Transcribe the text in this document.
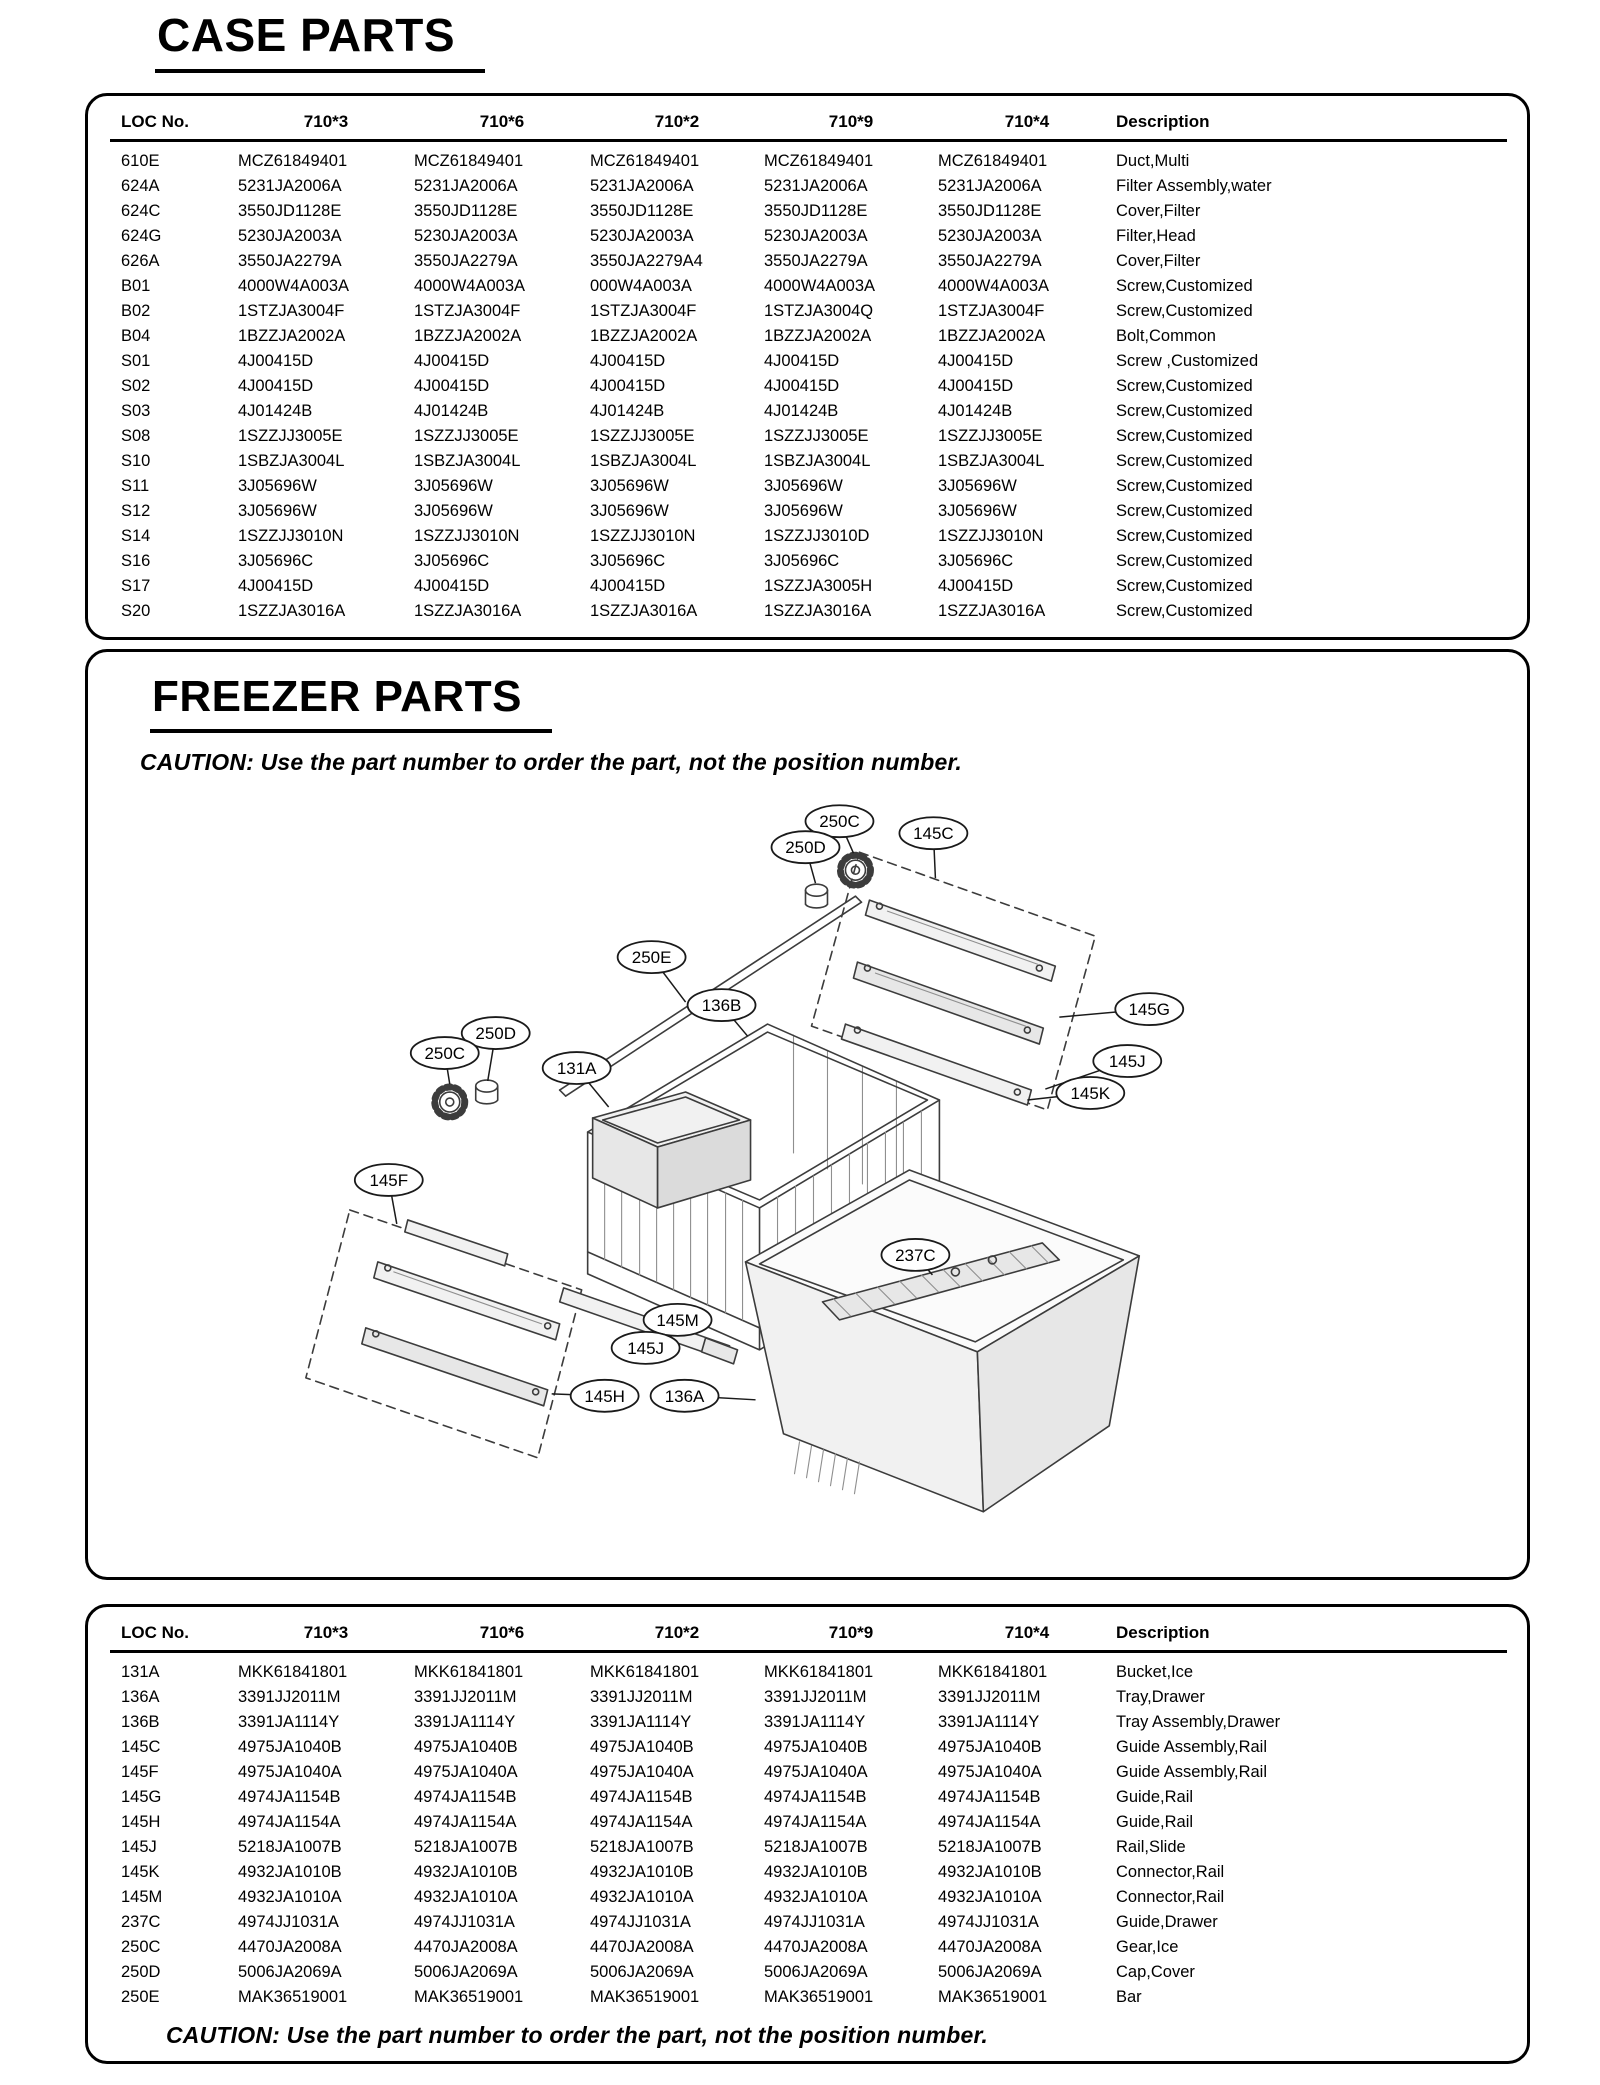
CASE PARTS
LOC No.	710*3	710*6	710*2	710*9	710*4	Description
610E	MCZ61849401	MCZ61849401	MCZ61849401	MCZ61849401	MCZ61849401	Duct,Multi
624A	5231JA2006A	5231JA2006A	5231JA2006A	5231JA2006A	5231JA2006A	Filter Assembly,water
624C	3550JD1128E	3550JD1128E	3550JD1128E	3550JD1128E	3550JD1128E	Cover,Filter
624G	5230JA2003A	5230JA2003A	5230JA2003A	5230JA2003A	5230JA2003A	Filter,Head
626A	3550JA2279A	3550JA2279A	3550JA2279A4	3550JA2279A	3550JA2279A	Cover,Filter
B01	4000W4A003A	4000W4A003A	000W4A003A	4000W4A003A	4000W4A003A	Screw,Customized
B02	1STZJA3004F	1STZJA3004F	1STZJA3004F	1STZJA3004Q	1STZJA3004F	Screw,Customized
B04	1BZZJA2002A	1BZZJA2002A	1BZZJA2002A	1BZZJA2002A	1BZZJA2002A	Bolt,Common
S01	4J00415D	4J00415D	4J00415D	4J00415D	4J00415D	Screw ,Customized
S02	4J00415D	4J00415D	4J00415D	4J00415D	4J00415D	Screw,Customized
S03	4J01424B	4J01424B	4J01424B	4J01424B	4J01424B	Screw,Customized
S08	1SZZJJ3005E	1SZZJJ3005E	1SZZJJ3005E	1SZZJJ3005E	1SZZJJ3005E	Screw,Customized
S10	1SBZJA3004L	1SBZJA3004L	1SBZJA3004L	1SBZJA3004L	1SBZJA3004L	Screw,Customized
S11	3J05696W	3J05696W	3J05696W	3J05696W	3J05696W	Screw,Customized
S12	3J05696W	3J05696W	3J05696W	3J05696W	3J05696W	Screw,Customized
S14	1SZZJJ3010N	1SZZJJ3010N	1SZZJJ3010N	1SZZJJ3010D	1SZZJJ3010N	Screw,Customized
S16	3J05696C	3J05696C	3J05696C	3J05696C	3J05696C	Screw,Customized
S17	4J00415D	4J00415D	4J00415D	1SZZJA3005H	4J00415D	Screw,Customized
S20	1SZZJA3016A	1SZZJA3016A	1SZZJA3016A	1SZZJA3016A	1SZZJA3016A	Screw,Customized
FREEZER PARTS

CAUTION: Use the part number to order the part, not the position number.

250C
250D
145C
250E
136B
250D
250C
131A
145G
145J
145K
145F
237C
145M
145J
145H 136A
LOC No.	710*3	710*6	710*2	710*9	710*4	Description
131A	MKK61841801	MKK61841801	MKK61841801	MKK61841801	MKK61841801	Bucket,Ice
136A	3391JJ2011M	3391JJ2011M	3391JJ2011M	3391JJ2011M	3391JJ2011M	Tray,Drawer
136B	3391JA1114Y	3391JA1114Y	3391JA1114Y	3391JA1114Y	3391JA1114Y	Tray Assembly,Drawer
145C	4975JA1040B	4975JA1040B	4975JA1040B	4975JA1040B	4975JA1040B	Guide Assembly,Rail
145F	4975JA1040A	4975JA1040A	4975JA1040A	4975JA1040A	4975JA1040A	Guide Assembly,Rail
145G	4974JA1154B	4974JA1154B	4974JA1154B	4974JA1154B	4974JA1154B	Guide,Rail
145H	4974JA1154A	4974JA1154A	4974JA1154A	4974JA1154A	4974JA1154A	Guide,Rail
145J	5218JA1007B	5218JA1007B	5218JA1007B	5218JA1007B	5218JA1007B	Rail,Slide
145K	4932JA1010B	4932JA1010B	4932JA1010B	4932JA1010B	4932JA1010B	Connector,Rail
145M	4932JA1010A	4932JA1010A	4932JA1010A	4932JA1010A	4932JA1010A	Connector,Rail
237C	4974JJ1031A	4974JJ1031A	4974JJ1031A	4974JJ1031A	4974JJ1031A	Guide,Drawer
250C	4470JA2008A	4470JA2008A	4470JA2008A	4470JA2008A	4470JA2008A	Gear,Ice
250D	5006JA2069A	5006JA2069A	5006JA2069A	5006JA2069A	5006JA2069A	Cap,Cover
250E	MAK36519001	MAK36519001	MAK36519001	MAK36519001	MAK36519001	Bar

CAUTION: Use the part number to order the part, not the position number.
